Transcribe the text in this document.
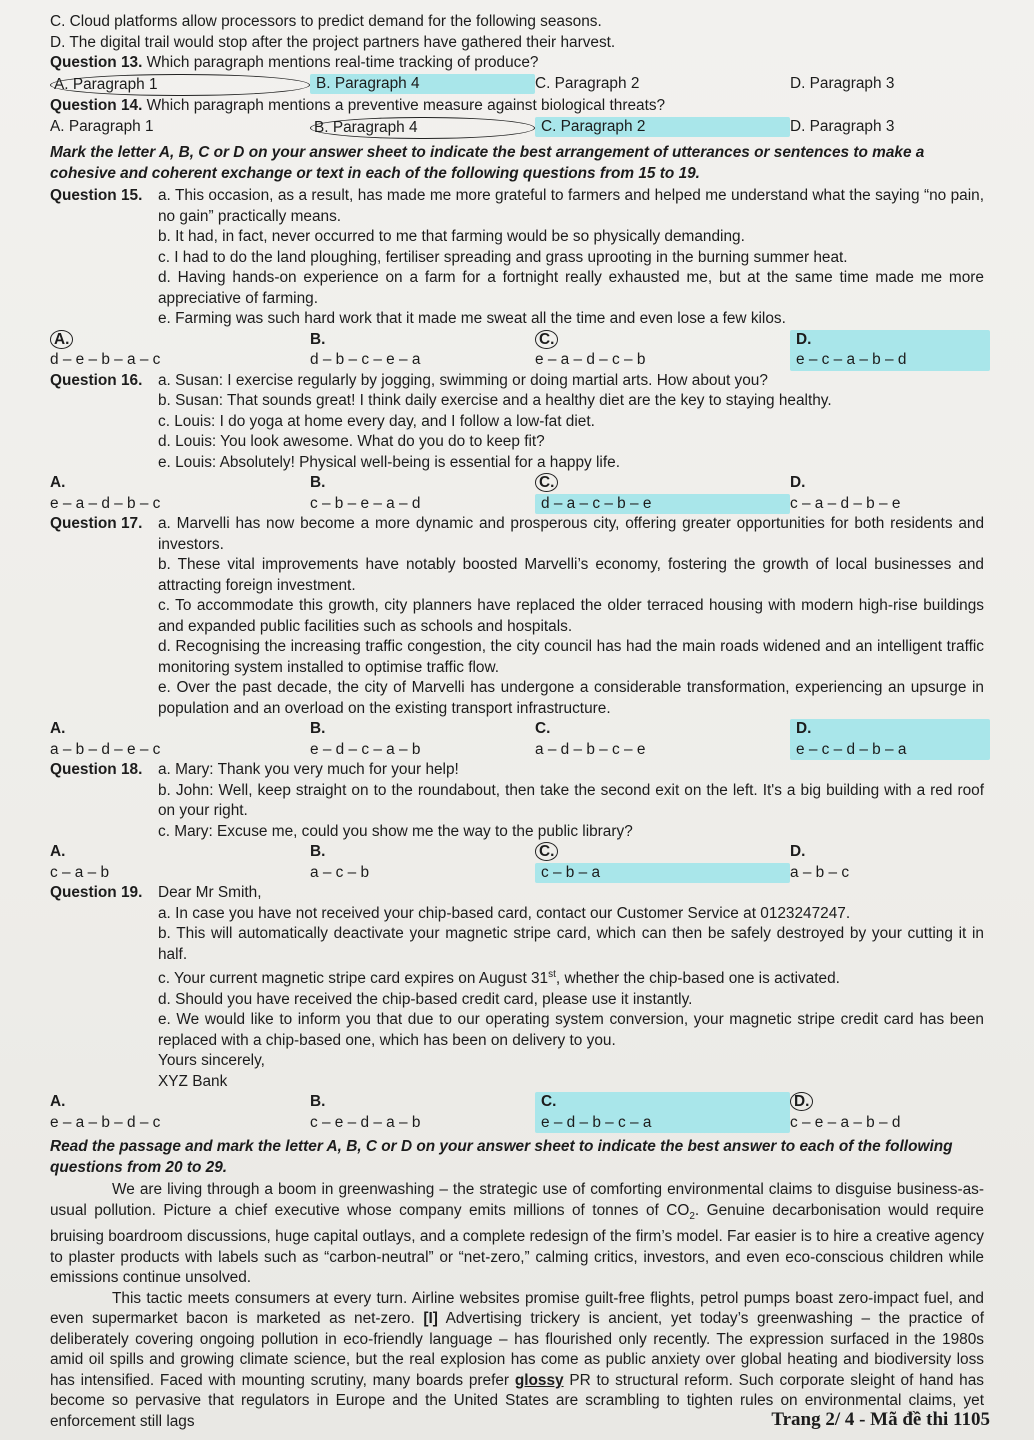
C. Cloud platforms allow processors to predict demand for the following seasons.
D. The digital trail would stop after the project partners have gathered their harvest.
Question 13. Which paragraph mentions real-time tracking of produce?
A. Paragraph 1	B. Paragraph 4	C. Paragraph 2	D. Paragraph 3
Question 14. Which paragraph mentions a preventive measure against biological threats?
A. Paragraph 1	B. Paragraph 4	C. Paragraph 2	D. Paragraph 3
Mark the letter A, B, C or D on your answer sheet to indicate the best arrangement of utterances or sentences to make a cohesive and coherent exchange or text in each of the following questions from 15 to 19.
Question 15.	a. This occasion, as a result, has made me more grateful to farmers and helped me understand what the saying “no pain, no gain” practically means.
b. It had, in fact, never occurred to me that farming would be so physically demanding.
c. I had to do the land ploughing, fertiliser spreading and grass uprooting in the burning summer heat.
d. Having hands-on experience on a farm for a fortnight really exhausted me, but at the same time made me more appreciative of farming.
e. Farming was such hard work that it made me sweat all the time and even lose a few kilos.
A.
d – e – b – a – c
B.
d – b – c – e – a
C.
e – a – d – c – b
D.
e – c – a – b – d
Question 16.	a. Susan: I exercise regularly by jogging, swimming or doing martial arts. How about you?
b. Susan: That sounds great! I think daily exercise and a healthy diet are the key to staying healthy.
c. Louis: I do yoga at home every day, and I follow a low-fat diet.
d. Louis: You look awesome. What do you do to keep fit?
e. Louis: Absolutely! Physical well-being is essential for a happy life.
A.
e – a – d – b – c
B.
c – b – e – a – d
C.
d – a – c – b – e
D.
c – a – d – b – e
Question 17.	a. Marvelli has now become a more dynamic and prosperous city, offering greater opportunities for both residents and investors.
b. These vital improvements have notably boosted Marvelli’s economy, fostering the growth of local businesses and attracting foreign investment.
c. To accommodate this growth, city planners have replaced the older terraced housing with modern high-rise buildings and expanded public facilities such as schools and hospitals.
d. Recognising the increasing traffic congestion, the city council has had the main roads widened and an intelligent traffic monitoring system installed to optimise traffic flow.
e. Over the past decade, the city of Marvelli has undergone a considerable transformation, experiencing an upsurge in population and an overload on the existing transport infrastructure.
A.
a – b – d – e – c
B.
e – d – c – a – b
C.
a – d – b – c – e
D.
e – c – d – b – a
Question 18.	a. Mary: Thank you very much for your help!
b. John: Well, keep straight on to the roundabout, then take the second exit on the left. It's a big building with a red roof on your right.
c. Mary: Excuse me, could you show me the way to the public library?
A.
c – a – b
B.
a – c – b
C.
c – b – a
D.
a – b – c
Question 19.	Dear Mr Smith,
a. In case you have not received your chip-based card, contact our Customer Service at 0123247247.
b. This will automatically deactivate your magnetic stripe card, which can then be safely destroyed by your cutting it in half.
c. Your current magnetic stripe card expires on August 31st, whether the chip-based one is activated.
d. Should you have received the chip-based credit card, please use it instantly.
e. We would like to inform you that due to our operating system conversion, your magnetic stripe credit card has been replaced with a chip-based one, which has been on delivery to you.
Yours sincerely,
XYZ Bank
A.
e – a – b – d – c
B.
c – e – d – a – b
C.
e – d – b – c – a
D.
c – e – a – b – d
Read the passage and mark the letter A, B, C or D on your answer sheet to indicate the best answer to each of the following questions from 20 to 29.

We are living through a boom in greenwashing – the strategic use of comforting environmental claims to disguise business-as-usual pollution. Picture a chief executive whose company emits millions of tonnes of $CO_2$. Genuine decarbonisation would require bruising boardroom discussions, huge capital outlays, and a complete redesign of the firm’s model. Far easier is to hire a creative agency to plaster products with labels such as “carbon-neutral” or “net-zero,” calming critics, investors, and even eco-conscious children while emissions continue unsolved.

This tactic meets consumers at every turn. Airline websites promise guilt-free flights, petrol pumps boast zero-impact fuel, and even supermarket bacon is marketed as net-zero. [I] Advertising trickery is ancient, yet today’s greenwashing – the practice of deliberately covering ongoing pollution in eco-friendly language – has flourished only recently. The expression surfaced in the 1980s amid oil spills and growing climate science, but the real explosion has come as public anxiety over global heating and biodiversity loss has intensified. Faced with mounting scrutiny, many boards prefer glossy PR to structural reform. Such corporate sleight of hand has become so pervasive that regulators in Europe and the United States are scrambling to tighten rules on environmental claims, yet enforcement still lags	Trang 2/ 4 - Mã đề thi 1105
